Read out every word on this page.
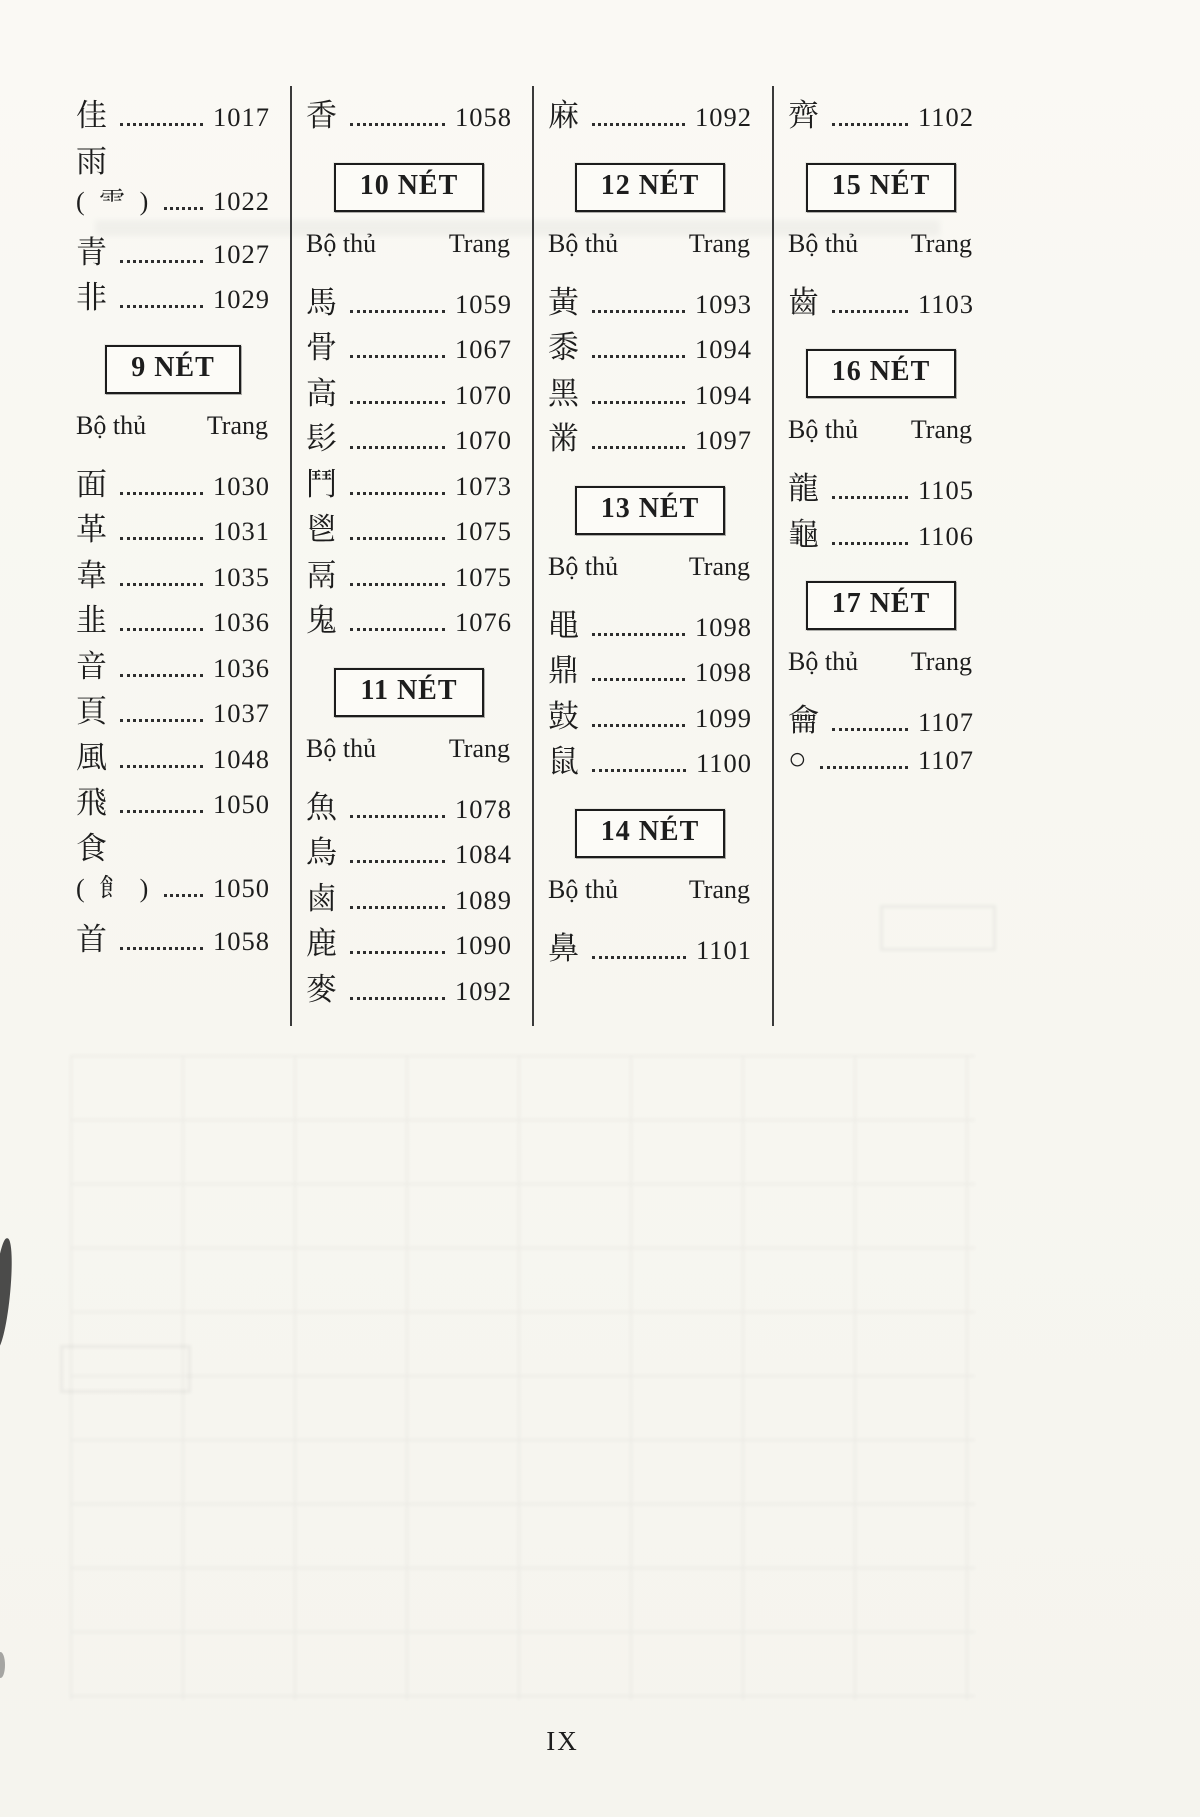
佳	1017
雨
( ⻗ ) 1022
青	1027
非	1029
9 NÉT
Bộ thủ Trang
面	1030
革	1031
韋	1035
韭	1036
音	1036
頁	1037
風	1048
飛	1050
食
( 飠 ) 1050
首	1058
香	1058
10 NÉT
Bộ thủ	Trang
馬	1059
骨	1067
高	1070
髟	1070
鬥	1073
鬯	1075
鬲	1075
鬼	1076
11 NÉT
Bộ thủ	Trang
魚	1078
鳥	1084
鹵	1089
鹿	1090
麥	1092
麻	1092
12 NÉT
Bộ thủ	Trang
黃	1093
黍	1094
黑	1094
黹	1097
13 NÉT
Bộ thủ	Trang
黽	1098
鼎	1098
鼓	1099
鼠	1100
14 NÉT
Bộ thủ	Trang
鼻	1101
齊	1102
15 NÉT
Bộ thủ Trang
齒	1103
16 NÉT
Bộ thủ Trang
龍	1105
龜	1106
17 NÉT
Bộ thủ Trang
龠	1107
○	1107
IX
